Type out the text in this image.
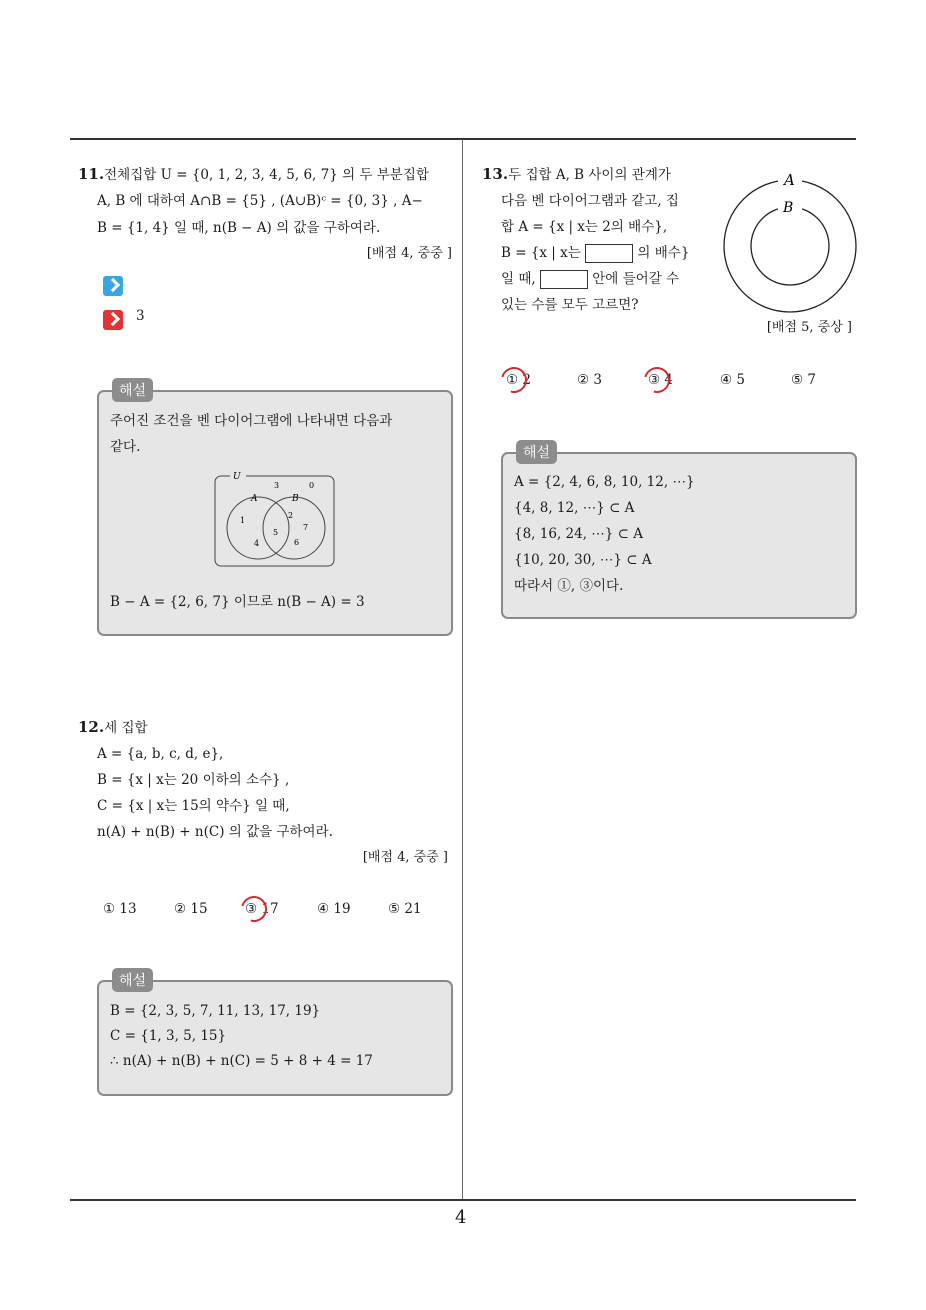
4
11.전체집합 U = {0, 1, 2, 3, 4, 5, 6, 7} 의 두 부분집합
A, B 에 대하여 A∩B = {5} , (A∪B)ᶜ = {0, 3} , A−
B = {1, 4} 일 때, n(B − A) 의 값을 구하여라.
[배점 4, 중중 ]
3
해설
주어진 조건을 벤 다이어그램에 나타내면 다음과
같다.
U
A	B
3	0
1
4
5
2
7
6
B − A = {2, 6, 7} 이므로 n(B − A) = 3
12.세 집합
A = {a, b, c, d, e},
B = {x | x는 20 이하의 소수} ,
C = {x | x는 15의 약수} 일 때,
n(A) + n(B) + n(C) 의 값을 구하여라.
[배점 4, 중중 ]
① 13	② 15	③ 17	④ 19	⑤ 21
해설
B = {2, 3, 5, 7, 11, 13, 17, 19}
C = {1, 3, 5, 15}
∴ n(A) + n(B) + n(C) = 5 + 8 + 4 = 17
13.두 집합 A, B 사이의 관계가
다음 벤 다이어그램과 같고, 집
합 A = {x | x는 2의 배수},
B = {x | x는	의 배수}
일 때,	안에 들어갈 수
있는 수를 모두 고르면?
A
B
[배점 5, 중상 ]
① 2	② 3	③ 4	④ 5	⑤ 7
해설
A = {2, 4, 6, 8, 10, 12, ⋯}
{4, 8, 12, ⋯} ⊂ A
{8, 16, 24, ⋯} ⊂ A
{10, 20, 30, ⋯} ⊂ A
따라서 ①, ③이다.
